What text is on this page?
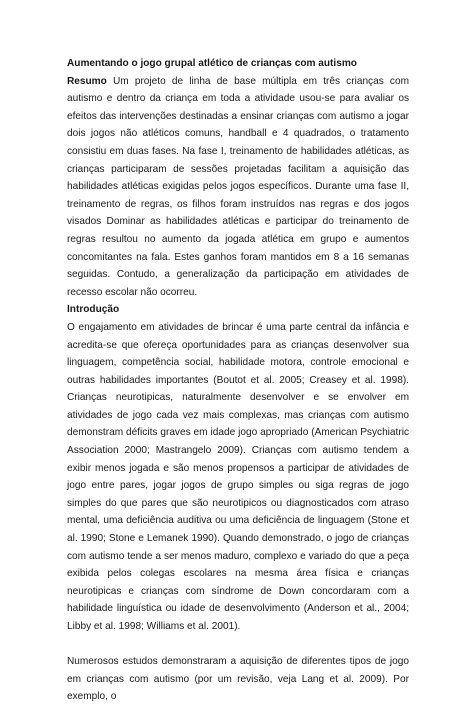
Aumentando o jogo grupal atlético de crianças com autismo

Resumo Um projeto de linha de base múltipla em três crianças com autismo e dentro da criança em toda a atividade usou-se para avaliar os efeitos das intervenções destinadas a ensinar crianças com autismo a jogar dois jogos não atléticos comuns, handball e 4 quadrados, o tratamento consistiu em duas fases. Na fase I, treinamento de habilidades atléticas, as crianças participaram de sessões projetadas facilitam a aquisição das habilidades atléticas exigidas pelos jogos específicos. Durante uma fase II, treinamento de regras, os filhos foram instruídos nas regras e dos jogos visados Dominar as habilidades atléticas e participar do treinamento de regras resultou no aumento da jogada atlética em grupo e aumentos concomitantes na fala. Estes ganhos foram mantidos em 8 a 16 semanas seguidas. Contudo, a generalização da participação em atividades de recesso escolar não ocorreu.

Introdução

O engajamento em atividades de brincar é uma parte central da infância e acredita-se que ofereça oportunidades para as crianças desenvolver sua linguagem, competência social, habilidade motora, controle emocional e outras habilidades importantes (Boutot et al. 2005; Creasey et al. 1998). Crianças neurotipicas, naturalmente desenvolver e se envolver em atividades de jogo cada vez mais complexas, mas crianças com autismo demonstram déficits graves em idade jogo apropriado (American Psychiatric Association 2000; Mastrangelo 2009). Crianças com autismo tendem a exibir menos jogada e são menos propensos a participar de atividades de jogo entre pares, jogar jogos de grupo simples ou siga regras de jogo simples do que pares que são neurotipicos ou diagnosticados com atraso mental, uma deficiência auditiva ou uma deficiência de linguagem (Stone et al. 1990; Stone e Lemanek 1990). Quando demonstrado, o jogo de crianças com autismo tende a ser menos maduro, complexo e variado do que a peça exibida pelos colegas escolares na mesma área física e crianças neurotipicas e crianças com síndrome de Down concordaram com a habilidade linguística ou idade de desenvolvimento (Anderson et al., 2004; Libby et al. 1998; Williams et al. 2001).

Numerosos estudos demonstraram a aquisição de diferentes tipos de jogo em crianças com autismo (por um revisão, veja Lang et al. 2009). Por exemplo, o
